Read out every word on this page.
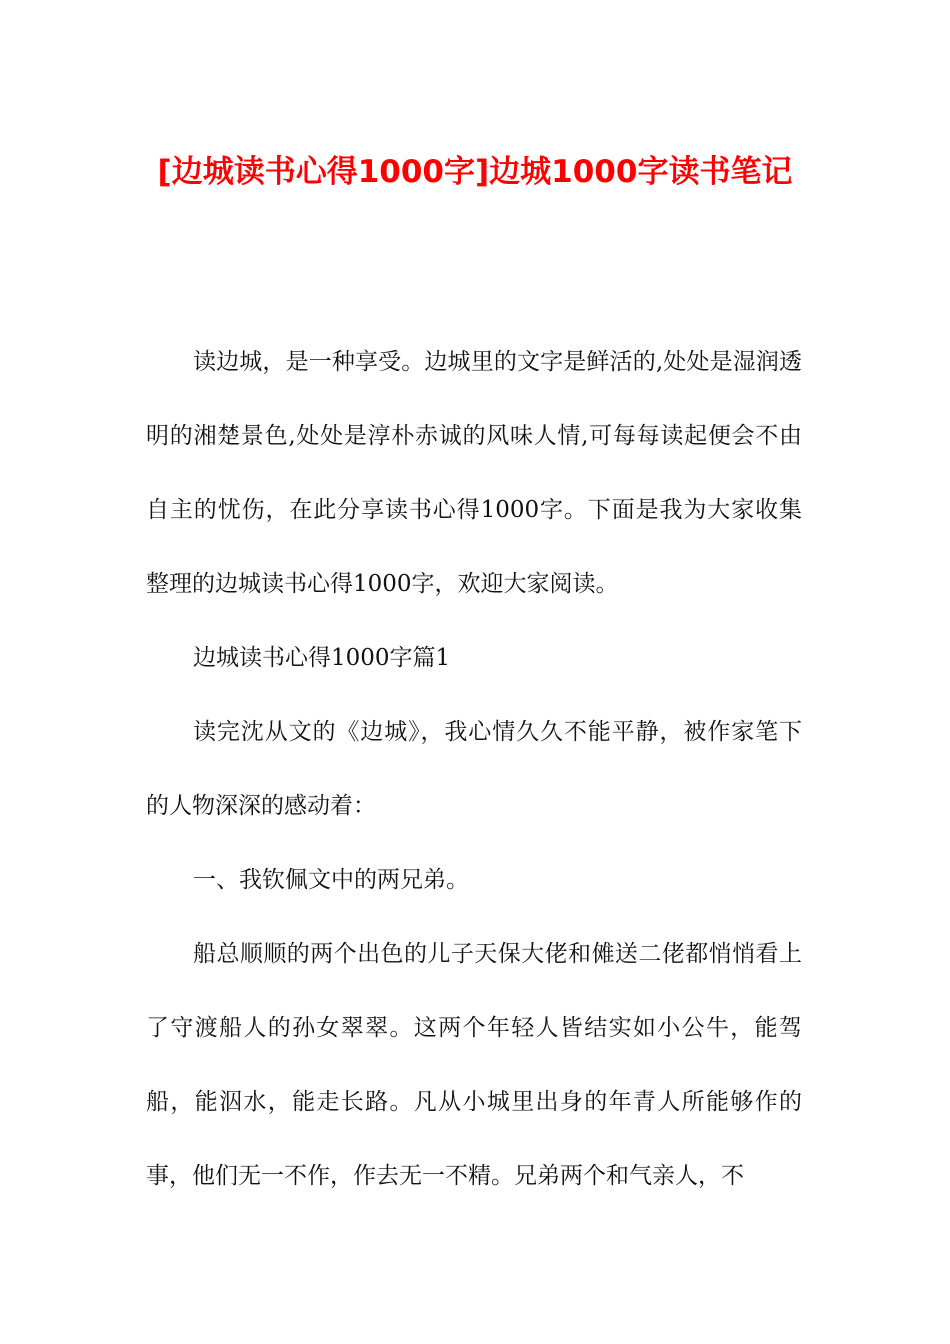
[边城读书心得1000字]边城1000字读书笔记

读边城，是一种享受。边城里的文字是鲜活的,处处是湿润透明的湘楚景色,处处是淳朴赤诚的风味人情,可每每读起便会不由自主的忧伤，在此分享读书心得1000字。下面是我为大家收集整理的边城读书心得1000字，欢迎大家阅读。

边城读书心得1000字篇1

读完沈从文的《边城》，我心情久久不能平静，被作家笔下的人物深深的感动着：

一、我钦佩文中的两兄弟。

船总顺顺的两个出色的儿子天保大佬和傩送二佬都悄悄看上了守渡船人的孙女翠翠。这两个年轻人皆结实如小公牛，能驾船，能泅水，能走长路。凡从小城里出身的年青人所能够作的事，他们无一不作，作去无一不精。兄弟两个和气亲人，不
